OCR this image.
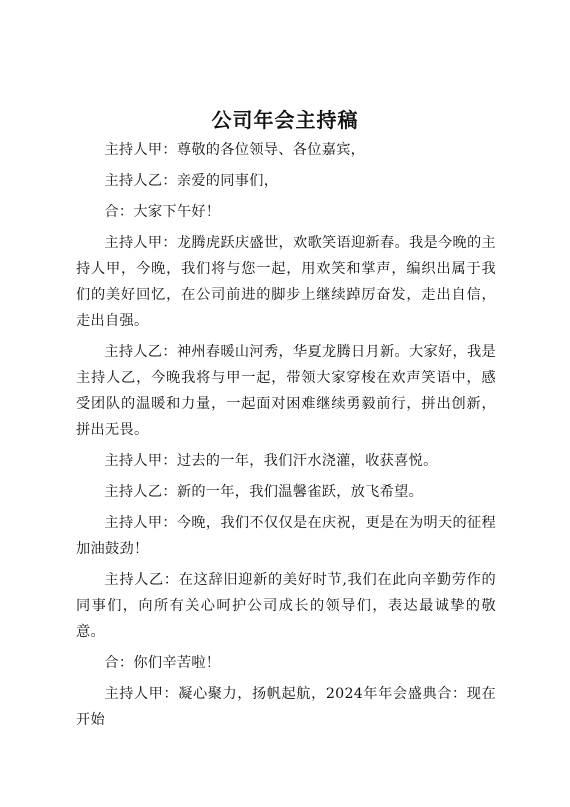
公司年会主持稿

主持人甲：尊敬的各位领导、各位嘉宾，

主持人乙：亲爱的同事们，

合：大家下午好！

主持人甲：龙腾虎跃庆盛世，欢歌笑语迎新春。我是今晚的主持人甲，今晚，我们将与您一起，用欢笑和掌声，编织出属于我们的美好回忆，在公司前进的脚步上继续踔厉奋发，走出自信，走出自强。

主持人乙：神州春暖山河秀，华夏龙腾日月新。大家好，我是主持人乙，今晚我将与甲一起，带领大家穿梭在欢声笑语中，感受团队的温暖和力量，一起面对困难继续勇毅前行，拼出创新，拼出无畏。

主持人甲：过去的一年，我们汗水浇灌，收获喜悦。

主持人乙：新的一年，我们温馨雀跃，放飞希望。

主持人甲：今晚，我们不仅仅是在庆祝，更是在为明天的征程加油鼓劲！

主持人乙：在这辞旧迎新的美好时节,我们在此向辛勤劳作的同事们，向所有关心呵护公司成长的领导们，表达最诚挚的敬意。

合：你们辛苦啦！

主持人甲：凝心聚力，扬帆起航，2024年年会盛典合：现在开始
